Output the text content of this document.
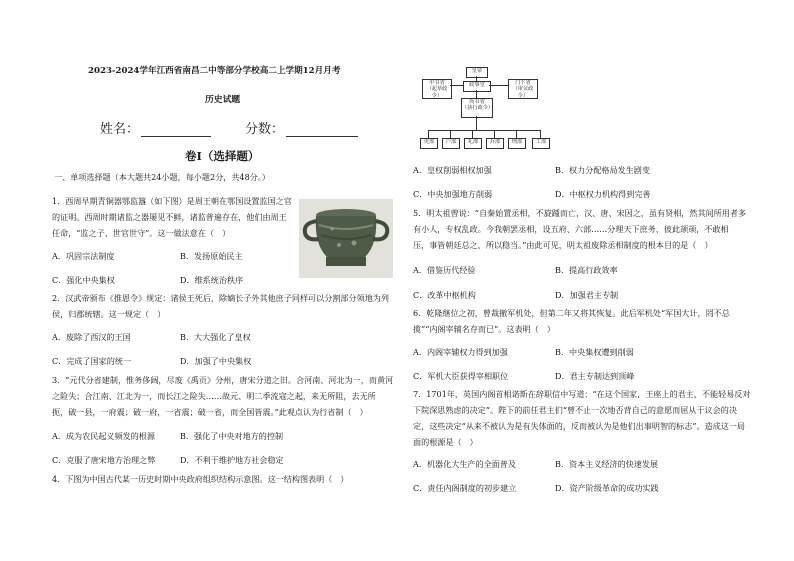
2023-2024学年江西省南昌二中等部分学校高二上学期12月月考

历史试题

姓名：	分数：

卷Ⅰ（选择题）

一、单项选择题（本大题共24小题，每小题2分，共48分。）

1．西周早期青铜器鄂监簋（如下图）是周王朝在鄂国设置监国之官

的证明。西周时期诸监之器屡见不鲜，诸监普遍存在，他们由周王

任命，“监之子、世官世守”。这一做法意在（　）

A．巩固宗法制度	B．发扬原始民主

C．强化中央集权	D．维系统治秩序

2．汉武帝颁布《推恩令》规定：诸侯王死后，除嫡长子外其他庶子同样可以分割部分领地为列

侯，归郡统辖。这一规定（　）

A．废除了西汉的王国	B．大大强化了皇权

C．完成了国家的统一	D．加强了中央集权

3．“元代分省建制，惟务侈阔，尽废《禹贡》分州，唐宋分道之旧。合河南、河北为一，而黄河

之险失；合江南、江北为一，而长江之险失……故元、明二季流寇之起，来无所阻，去无所

扼，破一县，一府震；破一府，一省震；破一省，而全国皆震。”此观点认为行省制（　）

A．成为农民起义频发的根源	B．强化了中央对地方的控制

C．克服了唐宋地方治理之弊	D．不利于维护地方社会稳定

4．下图为中国古代某一历史时期中央政府组织结构示意图。这一结构图表明（　）

皇帝
政事堂
中书省
（起草政令）
门下省
（审议政令）
尚书省
（执行政令）
吏部	户部	礼部	兵部	刑部	工部

A．皇权削弱相权加强	B．权力分配格局发生剧变

C．中央加强地方削弱	D．中枢权力机构得到完善

5．明太祖曾说：“自秦始置丞相，不旋踵而亡，汉、唐、宋因之，虽有贤相，然其间所用者多

有小人，专权乱政。今我朝罢丞相，设五府、六部……分理天下庶务，彼此颉颃，不敢相

压，事皆朝廷总之，所以稳当。”由此可见，明太祖废除丞相制度的根本目的是（　）

A．借鉴历代经验	B．提高行政效率

C．改革中枢机构	D．加强君主专制

6．乾隆继位之初，曾裁撤军机处，但第二年又将其恢复。此后军机处“军国大计，罔不总

揽”“内阁宰辅名存而已”。这表明（　）

A．内阁宰辅权力得到加强	B．中央集权遭到削弱

C．军机大臣获得宰相职位	D．君主专制达到顶峰

7．1701年，英国内阁首相诺斯在辞职信中写道：“在这个国家，王座上的君主，不能轻易反对

下院深思熟虑的决定”。陛下的前任君主们“曾不止一次地否背自己的意愿而屈从于议会的决

定，这些决定“从来不被认为是有失体面的，反而被认为是他们出事明智的标志”。造成这一局

面的根源是（　）

A．机器化大生产的全面普及	B．资本主义经济的快速发展

C．责任内阁制度的初步建立	D．资产阶级革命的成功实践
